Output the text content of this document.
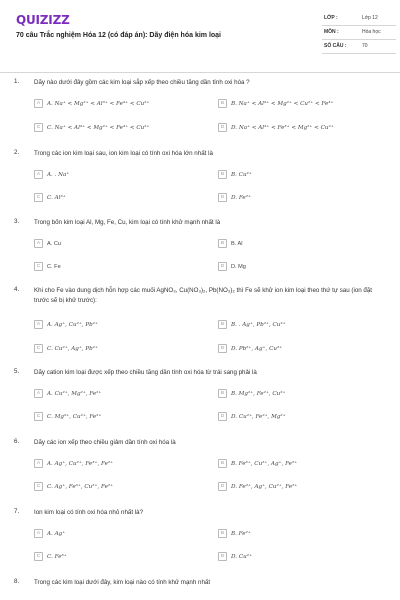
QUIZIZZ
70 câu Trắc nghiệm Hóa 12 (có đáp án): Dãy điện hóa kim loại
LỚP :	Lớp 12
MÔN :	Hóa học
SỐ CÂU :	70
1. Dãy nào dưới đây gồm các kim loại sắp xếp theo chiều tăng dần tính oxi hóa ?
A	A. Na⁺ < Mg²⁺ < Al³⁺ < Fe³⁺ < Cu²⁺	B	B. Na⁺ < Al³⁺ < Mg²⁺ < Cu²⁺ < Fe³⁺
C	C. Na⁺ < Al³⁺ < Mg²⁺ < Fe³⁺ < Cu²⁺	D	D. Na⁺ < Al³⁺ < Fe³⁺ < Mg²⁺ < Cu²⁺
2. Trong các ion kim loại sau, ion kim loại có tính oxi hóa lớn nhất là
A	A. . Na⁺	B	B. Cu²⁺
C	C. Al³⁺	D	D. Fe²⁺
3. Trong bốn kim loại Al, Mg, Fe, Cu, kim loại có tính khử mạnh nhất là
A	A. Cu	B	B. Al
C	C. Fe	D	D. Mg
4. Khi cho Fe vào dung dịch hỗn hợp các muối AgNO₃, Cu(NO₃)₂, Pb(NO₃)₂ thì Fe sẽ khử ion kim loại theo thứ tự sau (ion đặt trước sẽ bị khử trước):
A	A. Ag⁺, Cu²⁺, Pb²⁺	B	B. . Ag⁺, Pb²⁺, Cu²⁺
C	C. Cu²⁺, Ag⁺, Pb²⁺	D	D. Pb²⁺, Ag⁺, Cu²⁺
5. Dãy cation kim loại được xếp theo chiều tăng dần tính oxi hóa từ trái sang phải là
A	A. Cu²⁺, Mg²⁺, Fe²⁺	B	B. Mg²⁺, Fe²⁺, Cu²⁺
C	C. Mg²⁺, Cu²⁺, Fe²⁺	D	D. Cu²⁺, Fe²⁺, Mg²⁺
6. Dãy các ion xếp theo chiều giảm dần tính oxi hóa là
A	A. Ag⁺, Cu²⁺, Fe³⁺, Fe²⁺	B	B. Fe³⁺, Cu²⁺, Ag⁺, Fe²⁺
C	C. Ag⁺, Fe³⁺, Cu²⁺, Fe²⁺	D	D. Fe³⁺, Ag⁺, Cu²⁺, Fe²⁺
7. Ion kim loại có tính oxi hóa nhỏ nhất là?
A	A. Ag⁺	B	B. Fe²⁺
C	C. Fe³⁺	D	D. Cu²⁺
8. Trong các kim loại dưới đây, kim loại nào có tính khử mạnh nhất
